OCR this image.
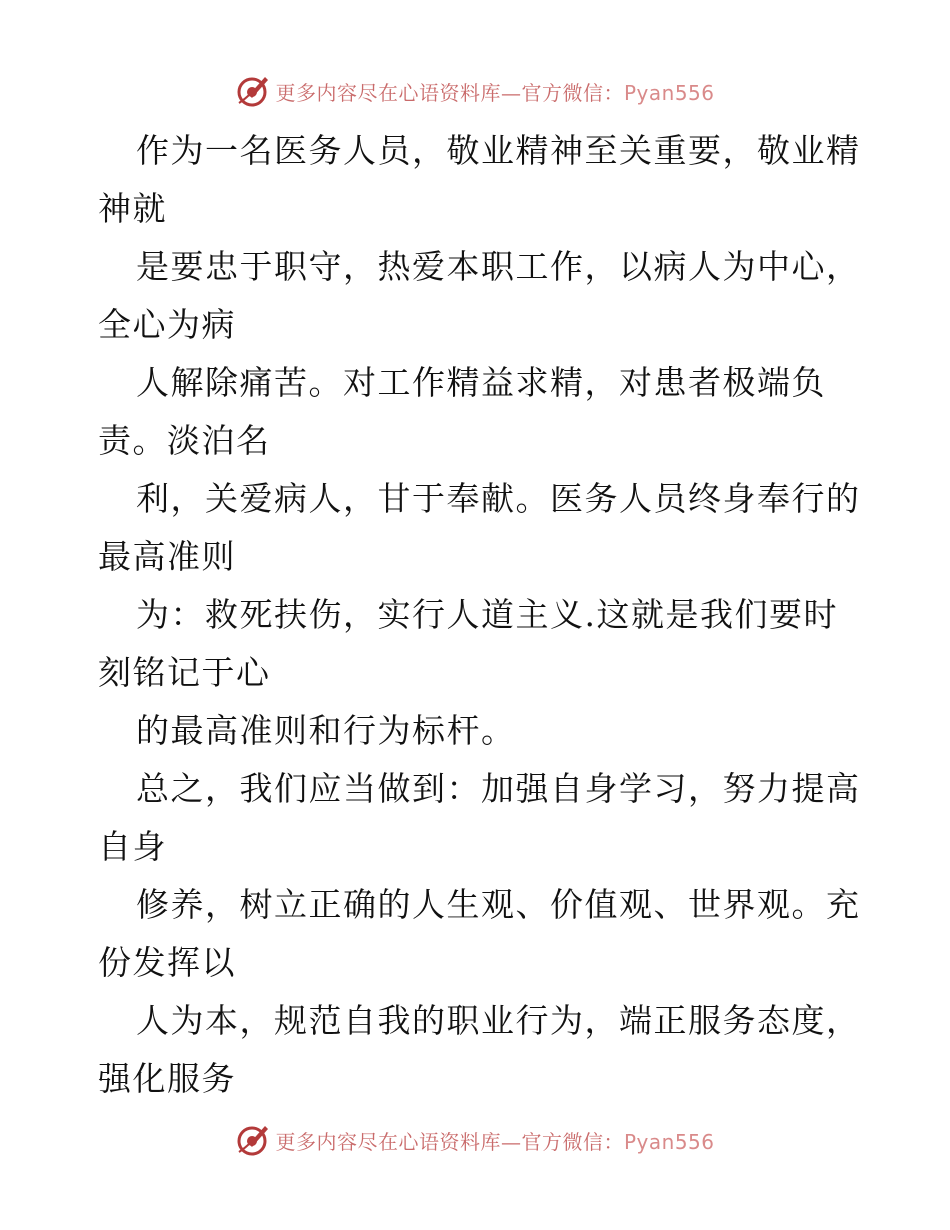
更多内容尽在心语资料库—官方微信：Pyan556

作为一名医务人员，敬业精神至关重要，敬业精
神就
是要忠于职守，热爱本职工作，以病人为中心，
全心为病
人解除痛苦。对工作精益求精，对患者极端负
责。淡泊名
利，关爱病人，甘于奉献。医务人员终身奉行的
最高准则
为：救死扶伤，实行人道主义.这就是我们要时
刻铭记于心
的最高准则和行为标杆。

总之，我们应当做到：加强自身学习，努力提高
自身
修养，树立正确的人生观、价值观、世界观。充
份发挥以
人为本，规范自我的职业行为，端正服务态度，
强化服务

更多内容尽在心语资料库—官方微信：Pyan556
